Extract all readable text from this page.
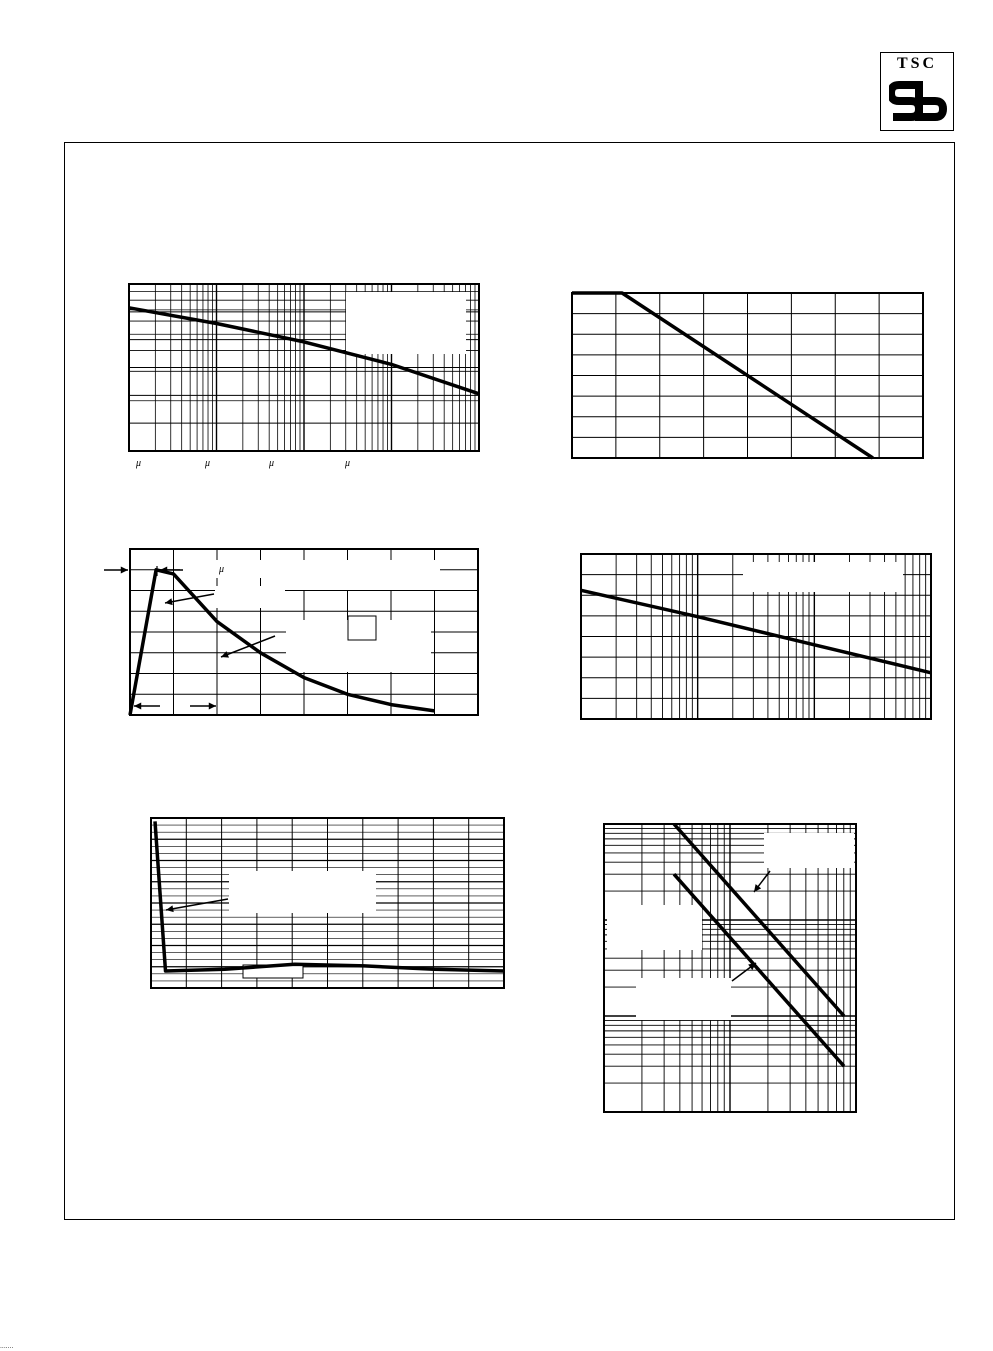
TSC
μ	μ	μ	μ
μ
.......
